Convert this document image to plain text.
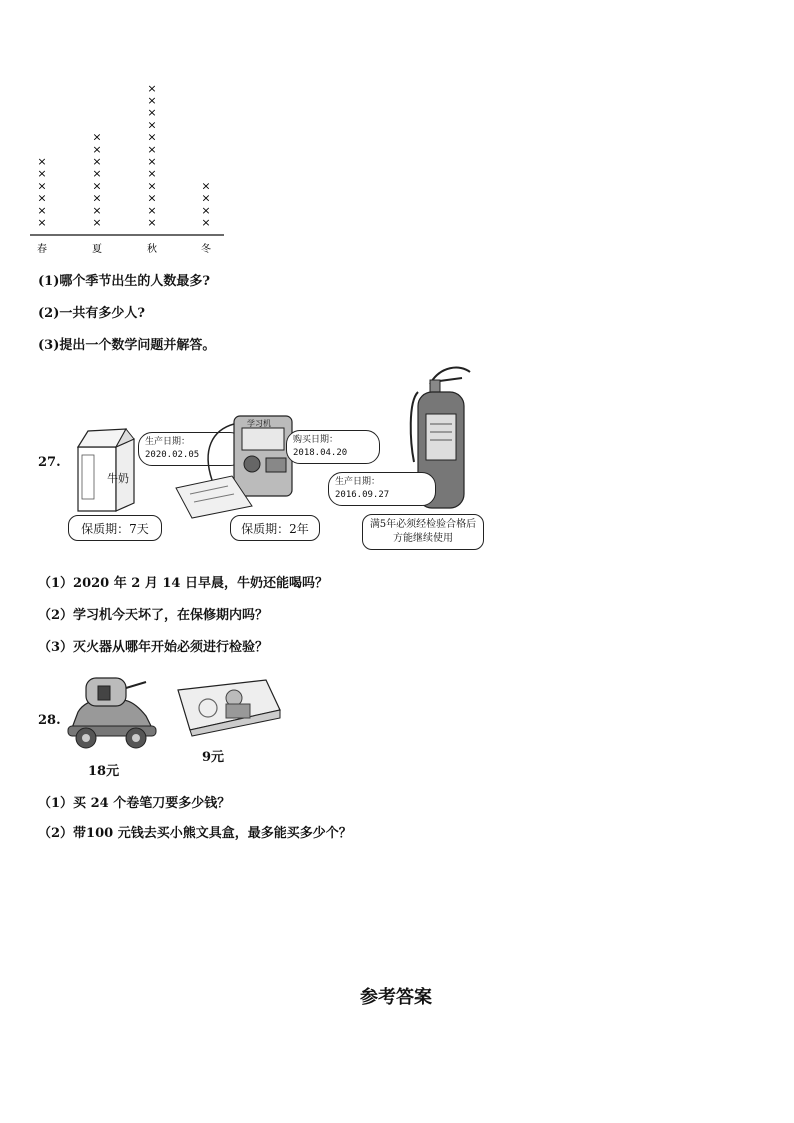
×
×
×
×
×
×
春
×
×
×
×
×
×
×
×
夏
×
×
×
×
×
×
×
×
×
×
×
×
秋
×
×
×
×
冬
(1)哪个季节出生的人数最多?
(2)一共有多少人?
(3)提出一个数学问题并解答。
27.
牛奶
生产日期：
2020.02.05
保质期：7天
学习机
购买日期：
2018.04.20
保质期：2年
生产日期：
2016.09.27
满5年必须经检验合格后方能继续使用
（1）2020 年 2 月 14 日早晨，牛奶还能喝吗？
（2）学习机今天坏了，在保修期内吗？
（3）灭火器从哪年开始必须进行检验？
28.
18元
9元
（1）买 24 个卷笔刀要多少钱？
（2）带100 元钱去买小熊文具盒，最多能买多少个？
参考答案
